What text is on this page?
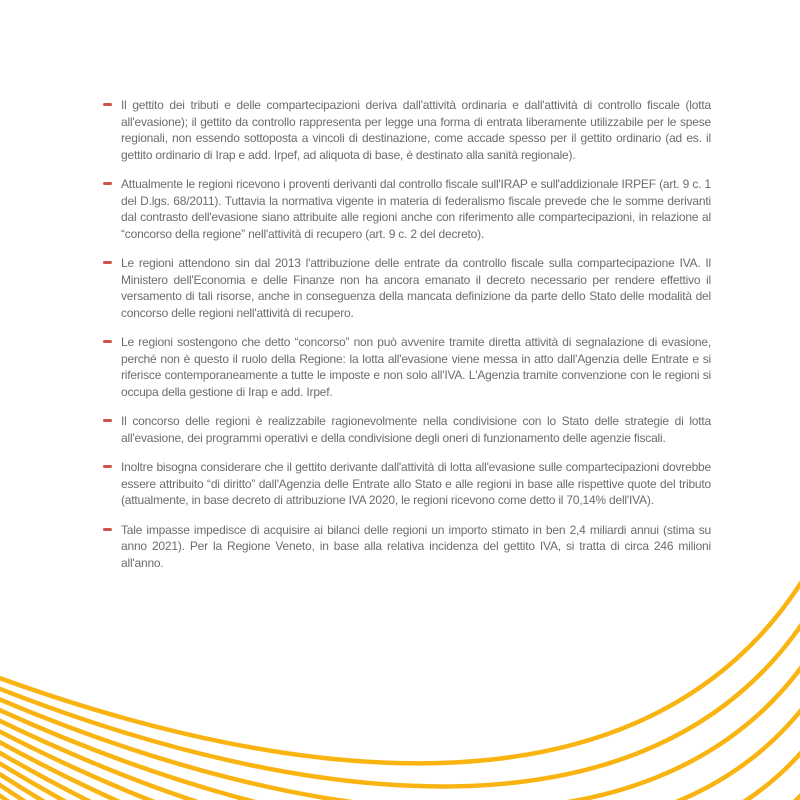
Il gettito dei tributi e delle compartecipazioni deriva dall'attività ordinaria e dall'attività di controllo fiscale (lotta all'evasione); il gettito da controllo rappresenta per legge una forma di entrata liberamente utilizzabile per le spese regionali, non essendo sottoposta a vincoli di destinazione, come accade spesso per il gettito ordinario (ad es. il gettito ordinario di Irap e add. Irpef, ad aliquota di base, è destinato alla sanità regionale).

Attualmente le regioni ricevono i proventi derivanti dal controllo fiscale sull'IRAP e sull'addizionale IRPEF (art. 9 c. 1 del D.lgs. 68/2011). Tuttavia la normativa vigente in materia di federalismo fiscale prevede che le somme derivanti dal contrasto dell'evasione siano attribuite alle regioni anche con riferimento alle compartecipazioni, in relazione al “concorso della regione” nell'attività di recupero (art. 9 c. 2 del decreto).

Le regioni attendono sin dal 2013 l'attribuzione delle entrate da controllo fiscale sulla compartecipazione IVA. Il Ministero dell'Economia e delle Finanze non ha ancora emanato il decreto necessario per rendere effettivo il versamento di tali risorse, anche in conseguenza della mancata definizione da parte dello Stato delle modalità del concorso delle regioni nell'attività di recupero.

Le regioni sostengono che detto “concorso” non può avvenire tramite diretta attività di segnalazione di evasione, perché non è questo il ruolo della Regione: la lotta all'evasione viene messa in atto dall'Agenzia delle Entrate e si riferisce contemporaneamente a tutte le imposte e non solo all'IVA. L'Agenzia tramite convenzione con le regioni si occupa della gestione di Irap e add. Irpef.

Il concorso delle regioni è realizzabile ragionevolmente nella condivisione con lo Stato delle strategie di lotta all'evasione, dei programmi operativi e della condivisione degli oneri di funzionamento delle agenzie fiscali.

Inoltre bisogna considerare che il gettito derivante dall'attività di lotta all'evasione sulle compartecipazioni dovrebbe essere attribuito “di diritto” dall'Agenzia delle Entrate allo Stato e alle regioni in base alle rispettive quote del tributo (attualmente, in base decreto di attribuzione IVA 2020, le regioni ricevono come detto il 70,14% dell'IVA).

Tale impasse impedisce di acquisire ai bilanci delle regioni un importo stimato in ben 2,4 miliardi annui (stima su anno 2021). Per la Regione Veneto, in base alla relativa incidenza del gettito IVA, si tratta di circa 246 milioni all'anno.
